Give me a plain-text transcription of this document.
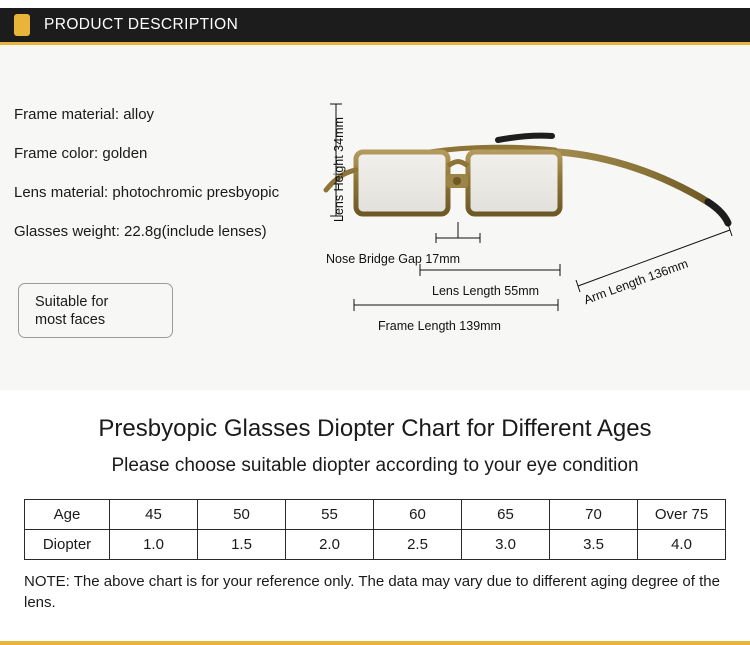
PRODUCT DESCRIPTION
Frame material: alloy
Frame color: golden
Lens material: photochromic presbyopic
Glasses weight: 22.8g(include lenses)
Suitable for
most faces
Lens Height 34mm
Nose Bridge Gap 17mm
Lens Length 55mm
Frame Length 139mm
Arm Length 136mm
Presbyopic Glasses Diopter Chart for Different Ages
Please choose suitable diopter according to your eye condition
Age	45	50	55	60	65	70	Over 75
Diopter	1.0	1.5	2.0	2.5	3.0	3.5	4.0
NOTE: The above chart is for your reference only. The data may vary due to different aging degree of the lens.
